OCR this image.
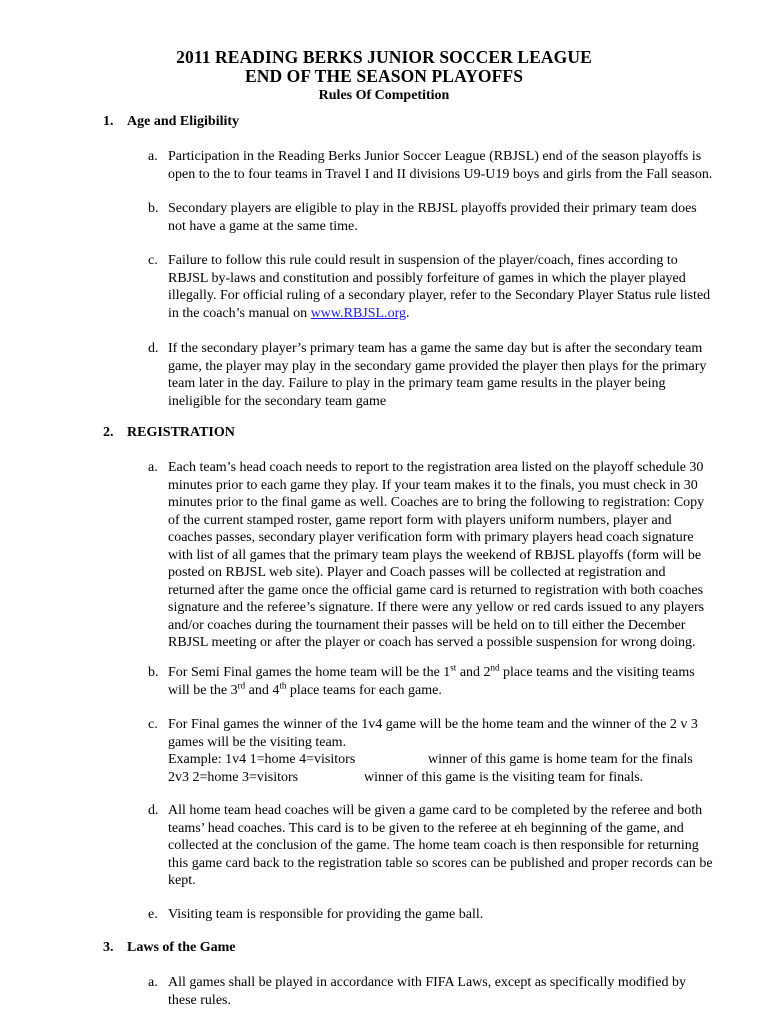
2011 READING BERKS JUNIOR SOCCER LEAGUE
END OF THE SEASON PLAYOFFS
Rules Of Competition
1. Age and Eligibility
a. Participation in the Reading Berks Junior Soccer League (RBJSL) end of the season playoffs is
open to the to four teams in Travel I and II divisions U9-U19 boys and girls from the Fall season.
b. Secondary players are eligible to play in the RBJSL playoffs provided their primary team does
not have a game at the same time.
c. Failure to follow this rule could result in suspension of the player/coach, fines according to
RBJSL by-laws and constitution and possibly forfeiture of games in which the player played
illegally. For official ruling of a secondary player, refer to the Secondary Player Status rule listed
in the coach’s manual on www.RBJSL.org.
d. If the secondary player’s primary team has a game the same day but is after the secondary team
game, the player may play in the secondary game provided the player then plays for the primary
team later in the day. Failure to play in the primary team game results in the player being
ineligible for the secondary team game
2. REGISTRATION
a. Each team’s head coach needs to report to the registration area listed on the playoff schedule 30
minutes prior to each game they play. If your team makes it to the finals, you must check in 30
minutes prior to the final game as well. Coaches are to bring the following to registration: Copy
of the current stamped roster, game report form with players uniform numbers, player and
coaches passes, secondary player verification form with primary players head coach signature
with list of all games that the primary team plays the weekend of RBJSL playoffs (form will be
posted on RBJSL web site). Player and Coach passes will be collected at registration and
returned after the game once the official game card is returned to registration with both coaches
signature and the referee’s signature. If there were any yellow or red cards issued to any players
and/or coaches during the tournament their passes will be held on to till either the December
RBJSL meeting or after the player or coach has served a possible suspension for wrong doing.
b. For Semi Final games the home team will be the 1st and 2nd place teams and the visiting teams
will be the 3rd and 4th place teams for each game.
c. For Final games the winner of the 1v4 game will be the home team and the winner of the 2 v 3
games will be the visiting team.
Example: 1v4 1=home 4=visitors	winner of this game is home team for the finals
2v3 2=home 3=visitors	winner of this game is the visiting team for finals.
d. All home team head coaches will be given a game card to be completed by the referee and both
teams’ head coaches. This card is to be given to the referee at eh beginning of the game, and
collected at the conclusion of the game. The home team coach is then responsible for returning
this game card back to the registration table so scores can be published and proper records can be
kept.
e. Visiting team is responsible for providing the game ball.
3. Laws of the Game
a. All games shall be played in accordance with FIFA Laws, except as specifically modified by
these rules.
